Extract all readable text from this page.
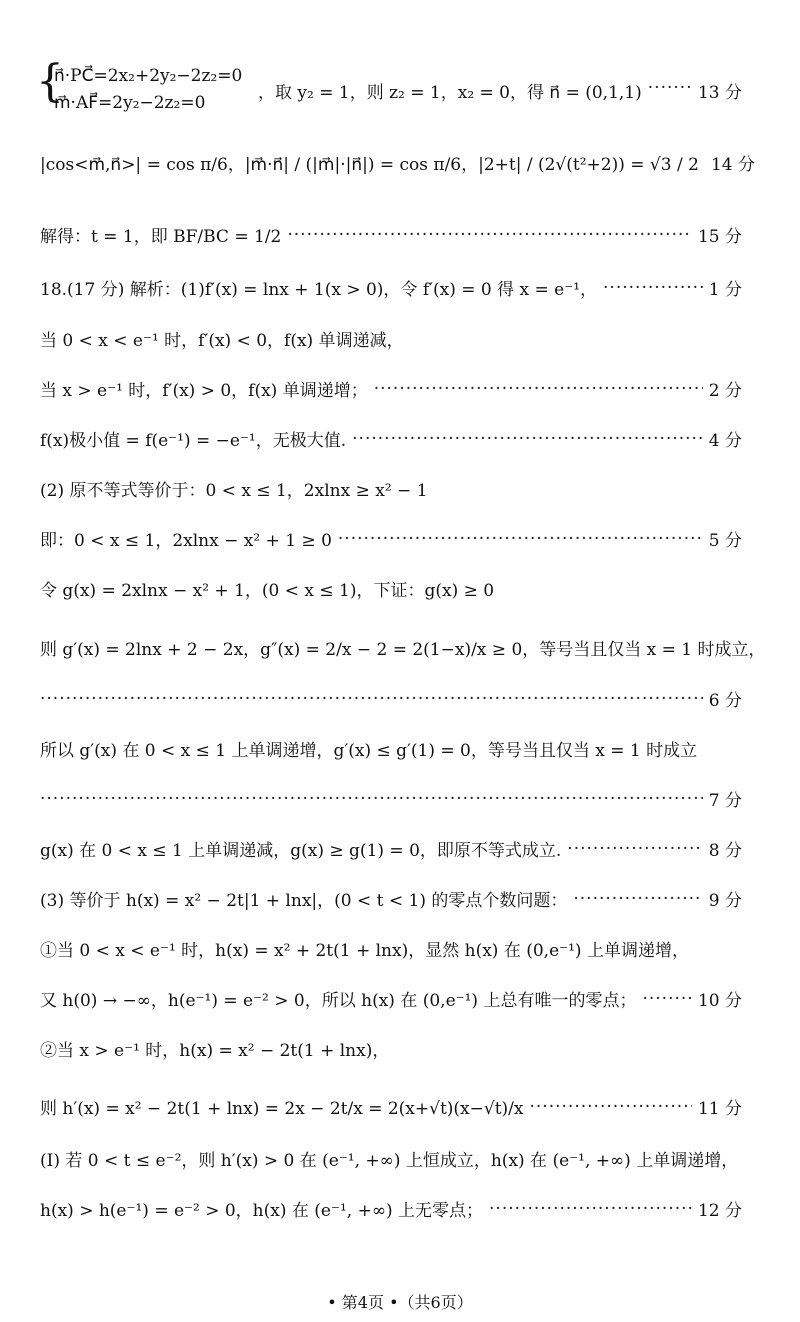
{
n⃗·PC⃗=2x₂+2y₂−2z₂=0
m⃗·AF⃗=2y₂−2z₂=0	，取 y₂ = 1，则 z₂ = 1，x₂ = 0，得 n⃗ = (0,1,1) ·····	13 分
|cos<m⃗,n⃗>| = cos π/6，|m⃗·n⃗| / (|m⃗|·|n⃗|) = cos π/6，|2+t| / (2√(t²+2)) = √3 / 2 14 分
解得：t = 1，即 BF/BC = 1/2 ·····	15 分
18.(17 分) 解析：(1)f′(x) = lnx + 1(x > 0)，令 f′(x) = 0 得 x = e⁻¹， ·····	1 分
当 0 < x < e⁻¹ 时，f′(x) < 0，f(x) 单调递减，
当 x > e⁻¹ 时，f′(x) > 0，f(x) 单调递增； ·····	2 分
f(x)极小值 = f(e⁻¹) = −e⁻¹，无极大值. ·····	4 分
(2) 原不等式等价于：0 < x ≤ 1，2xlnx ≥ x² − 1
即：0 < x ≤ 1，2xlnx − x² + 1 ≥ 0 ·····	5 分
令 g(x) = 2xlnx − x² + 1，(0 < x ≤ 1)，下证：g(x) ≥ 0
则 g′(x) = 2lnx + 2 − 2x，g″(x) = 2/x − 2 = 2(1−x)/x ≥ 0，等号当且仅当 x = 1 时成立，
·····
6 分
所以 g′(x) 在 0 < x ≤ 1 上单调递增，g′(x) ≤ g′(1) = 0，等号当且仅当 x = 1 时成立
·····
7 分
g(x) 在 0 < x ≤ 1 上单调递减，g(x) ≥ g(1) = 0，即原不等式成立. ·····	8 分
(3) 等价于 h(x) = x² − 2t|1 + lnx|，(0 < t < 1) 的零点个数问题： ·····	9 分
①当 0 < x < e⁻¹ 时，h(x) = x² + 2t(1 + lnx)，显然 h(x) 在 (0,e⁻¹) 上单调递增，
又 h(0) → −∞，h(e⁻¹) = e⁻² > 0，所以 h(x) 在 (0,e⁻¹) 上总有唯一的零点； ·····	10 分
②当 x > e⁻¹ 时，h(x) = x² − 2t(1 + lnx)，
则 h′(x) = x² − 2t(1 + lnx) = 2x − 2t/x = 2(x+√t)(x−√t)/x ·····	11 分
(I) 若 0 < t ≤ e⁻²，则 h′(x) > 0 在 (e⁻¹, +∞) 上恒成立，h(x) 在 (e⁻¹, +∞) 上单调递增，
h(x) > h(e⁻¹) = e⁻² > 0，h(x) 在 (e⁻¹, +∞) 上无零点； ·····	12 分
• 第4页 •（共6页）
